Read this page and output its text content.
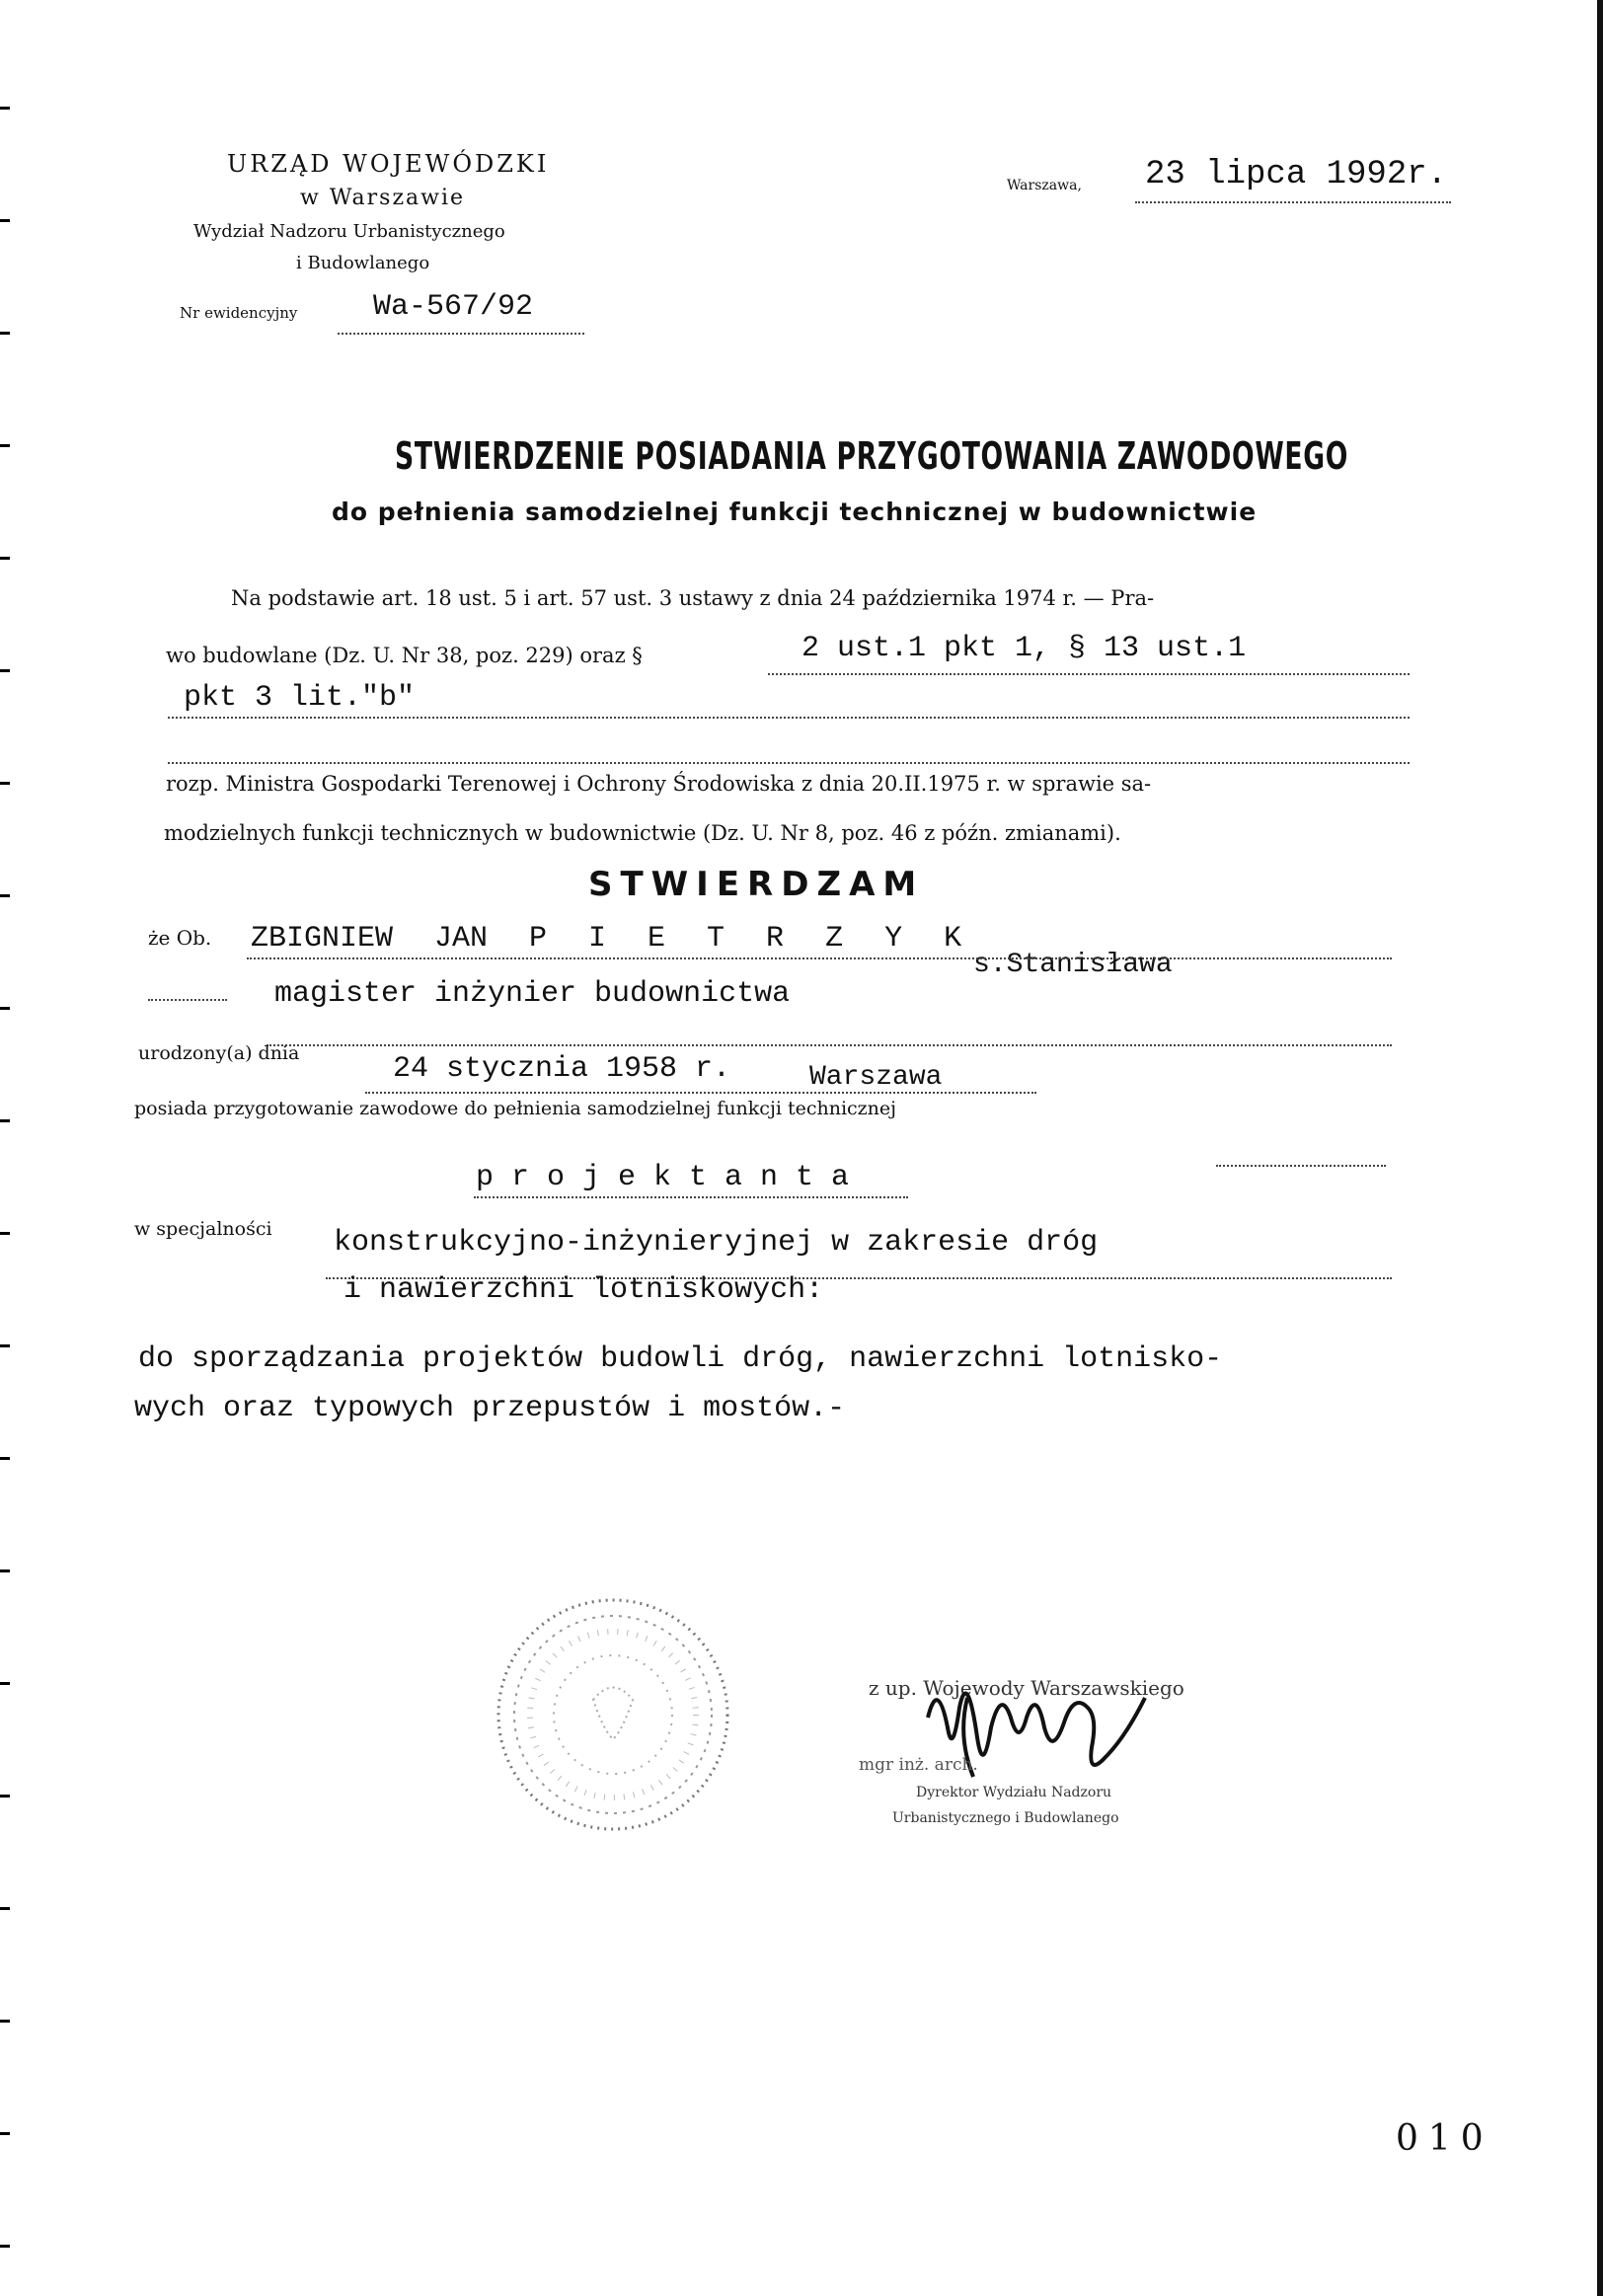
URZĄD WOJEWÓDZKI
w Warszawie
Wydział Nadzoru Urbanistycznego
i Budowlanego
Nr ewidencyjny	Wa-567/92
Warszawa, 23 lipca 1992r.
STWIERDZENIE POSIADANIA PRZYGOTOWANIA ZAWODOWEGO
do pełnienia samodzielnej funkcji technicznej w budownictwie
Na podstawie art. 18 ust. 5 i art. 57 ust. 3 ustawy z dnia 24 października 1974 r. — Pra-
wo budowlane (Dz. U. Nr 38, poz. 229) oraz §	2 ust.1 pkt 1, § 13 ust.1
pkt 3 lit."b"
rozp. Ministra Gospodarki Terenowej i Ochrony Środowiska z dnia 20.II.1975 r. w sprawie sa-
modzielnych funkcji technicznych w budownictwie (Dz. U. Nr 8, poz. 46 z późn. zmianami).
STWIERDZAM
że Ob. ZBIGNIEW JAN P I E T R Z Y K
s.Stanisława
magister inżynier budownictwa
urodzony(a) dnia	24 stycznia 1958 r.	Warszawa
posiada przygotowanie zawodowe do pełnienia samodzielnej funkcji technicznej
p r o j e k t a n t a
w specjalności konstrukcyjno-inżynieryjnej w zakresie dróg
i nawierzchni lotniskowych:
do sporządzania projektów budowli dróg, nawierzchni lotnisko-
wych oraz typowych przepustów i mostów.-
z up. Wojewody Warszawskiego
mgr inż. arch.
Dyrektor Wydziału Nadzoru
Urbanistycznego i Budowlanego
010
